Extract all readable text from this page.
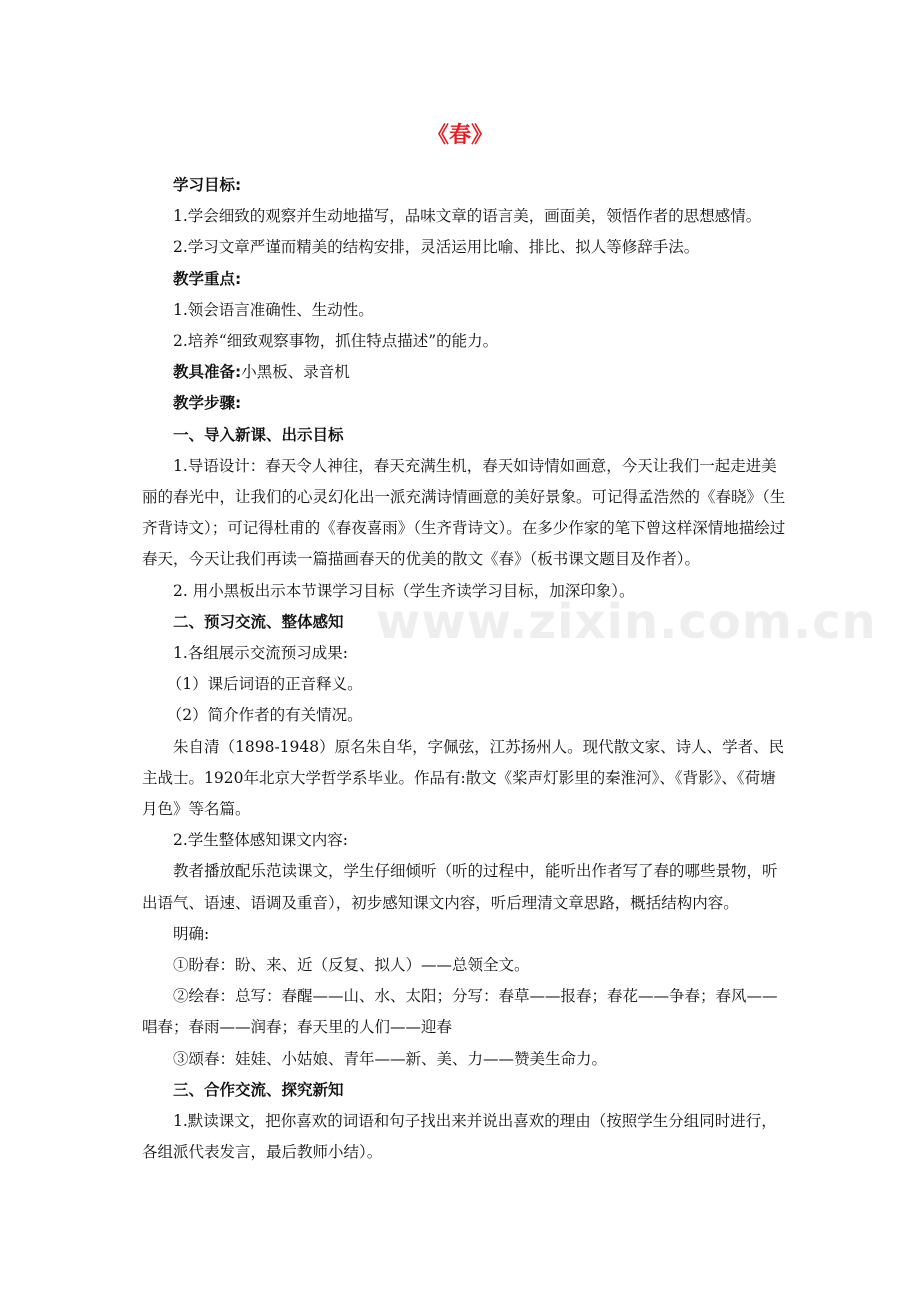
《春》

学习目标:

1.学会细致的观察并生动地描写，品味文章的语言美，画面美，领悟作者的思想感情。

2.学习文章严谨而精美的结构安排，灵活运用比喻、排比、拟人等修辞手法。

教学重点:

1.领会语言准确性、生动性。

2.培养“细致观察事物，抓住特点描述”的能力。

教具准备:小黑板、录音机

教学步骤:

一、导入新课、出示目标

1.导语设计：春天令人神往，春天充满生机，春天如诗情如画意，今天让我们一起走进美丽的春光中，让我们的心灵幻化出一派充满诗情画意的美好景象。可记得孟浩然的《春晓》（生齐背诗文）；可记得杜甫的《春夜喜雨》（生齐背诗文）。在多少作家的笔下曾这样深情地描绘过春天，今天让我们再读一篇描画春天的优美的散文《春》（板书课文题目及作者）。

2. 用小黑板出示本节课学习目标（学生齐读学习目标，加深印象）。

二、预习交流、整体感知

1.各组展示交流预习成果:

（1）课后词语的正音释义。

（2）简介作者的有关情况。

朱自清（1898-1948）原名朱自华，字佩弦，江苏扬州人。现代散文家、诗人、学者、民主战士。1920年北京大学哲学系毕业。作品有:散文《桨声灯影里的秦淮河》、《背影》、《荷塘月色》等名篇。

2.学生整体感知课文内容:

教者播放配乐范读课文，学生仔细倾听（听的过程中，能听出作者写了春的哪些景物，听出语气、语速、语调及重音），初步感知课文内容，听后理清文章思路，概括结构内容。

明确:

①盼春：盼、来、近（反复、拟人）——总领全文。

②绘春：总写：春醒——山、水、太阳；分写：春草——报春；春花——争春；春风——唱春；春雨——润春；春天里的人们——迎春

③颂春：娃娃、小姑娘、青年——新、美、力——赞美生命力。

三、合作交流、探究新知

1.默读课文，把你喜欢的词语和句子找出来并说出喜欢的理由（按照学生分组同时进行，各组派代表发言，最后教师小结）。

www.zixin.com.cn
